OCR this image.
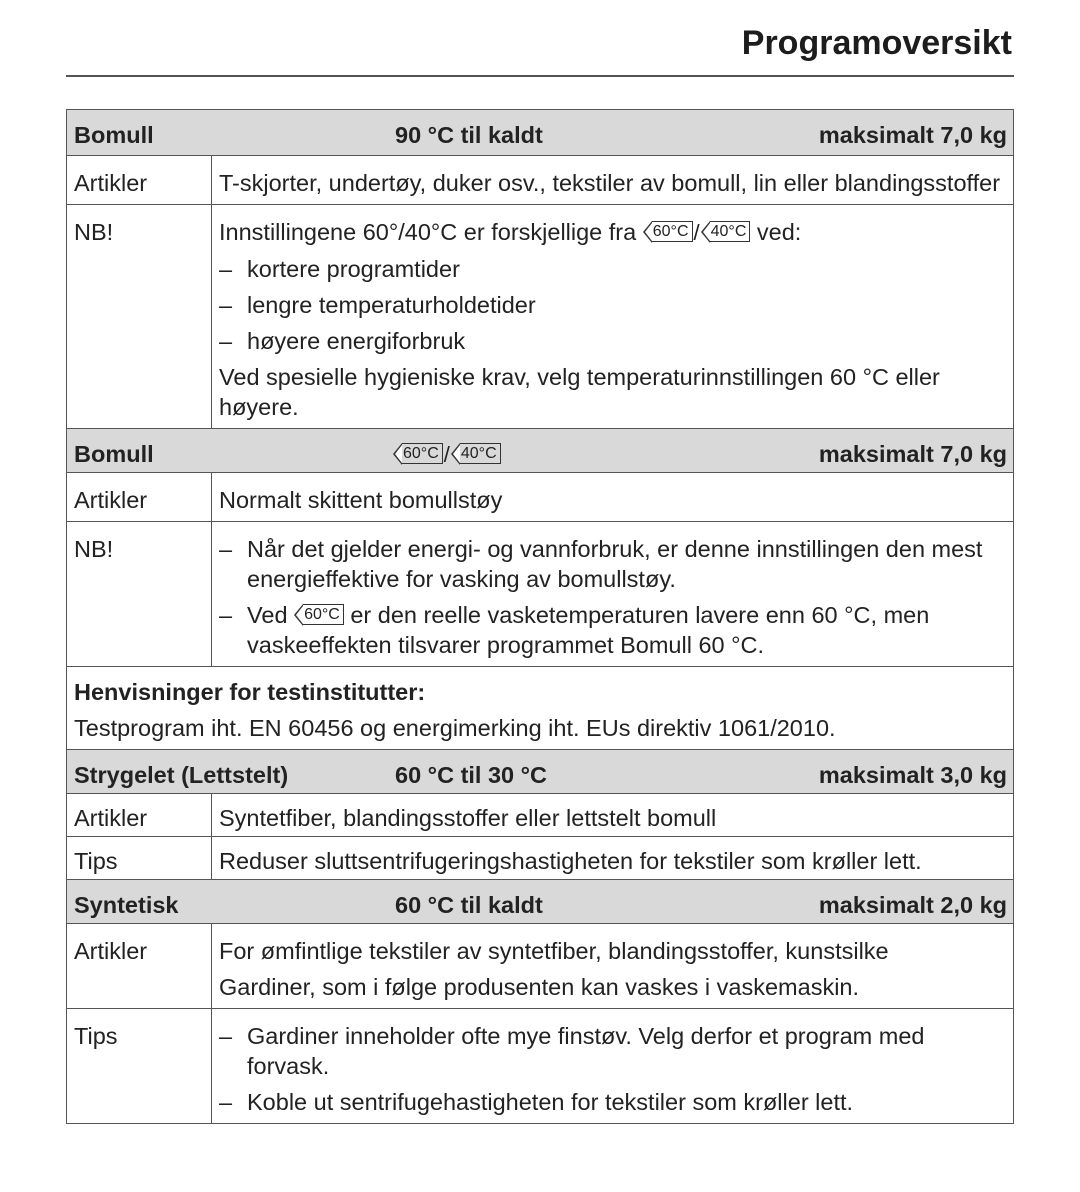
Programoversikt
Bomull	90 °C til kaldt	maksimalt 7,0 kg
Artikler	T-skjorter, undertøy, duker osv., tekstiler av bomull, lin eller blandingsstoffer
NB!	Innstillingene 60°/40°C er forskjellige fra 60°C / 40°C ved:
– kortere programtider
– lengre temperaturholdetider
– høyere energiforbruk
Ved spesielle hygieniske krav, velg temperaturinnstillingen 60 °C eller høyere.
Bomull	60°C / 40°C	maksimalt 7,0 kg
Artikler	Normalt skittent bomullstøy
NB!	– Når det gjelder energi- og vannforbruk, er denne innstillingen den mest energieffektive for vasking av bomullstøy.
– Ved 60°C er den reelle vasketemperaturen lavere enn 60 °C, men vaskeeffekten tilsvarer programmet Bomull 60 °C.
Henvisninger for testinstitutter:
Testprogram iht. EN 60456 og energimerking iht. EUs direktiv 1061/2010.
Strygelet (Lettstelt)	60 °C til 30 °C	maksimalt 3,0 kg
Artikler	Syntetfiber, blandingsstoffer eller lettstelt bomull
Tips	Reduser sluttsentrifugeringshastigheten for tekstiler som krøller lett.
Syntetisk	60 °C til kaldt	maksimalt 2,0 kg
Artikler	For ømfintlige tekstiler av syntetfiber, blandingsstoffer, kunstsilke
Gardiner, som i følge produsenten kan vaskes i vaskemaskin.
Tips	– Gardiner inneholder ofte mye finstøv. Velg derfor et program med forvask.
– Koble ut sentrifugehastigheten for tekstiler som krøller lett.
